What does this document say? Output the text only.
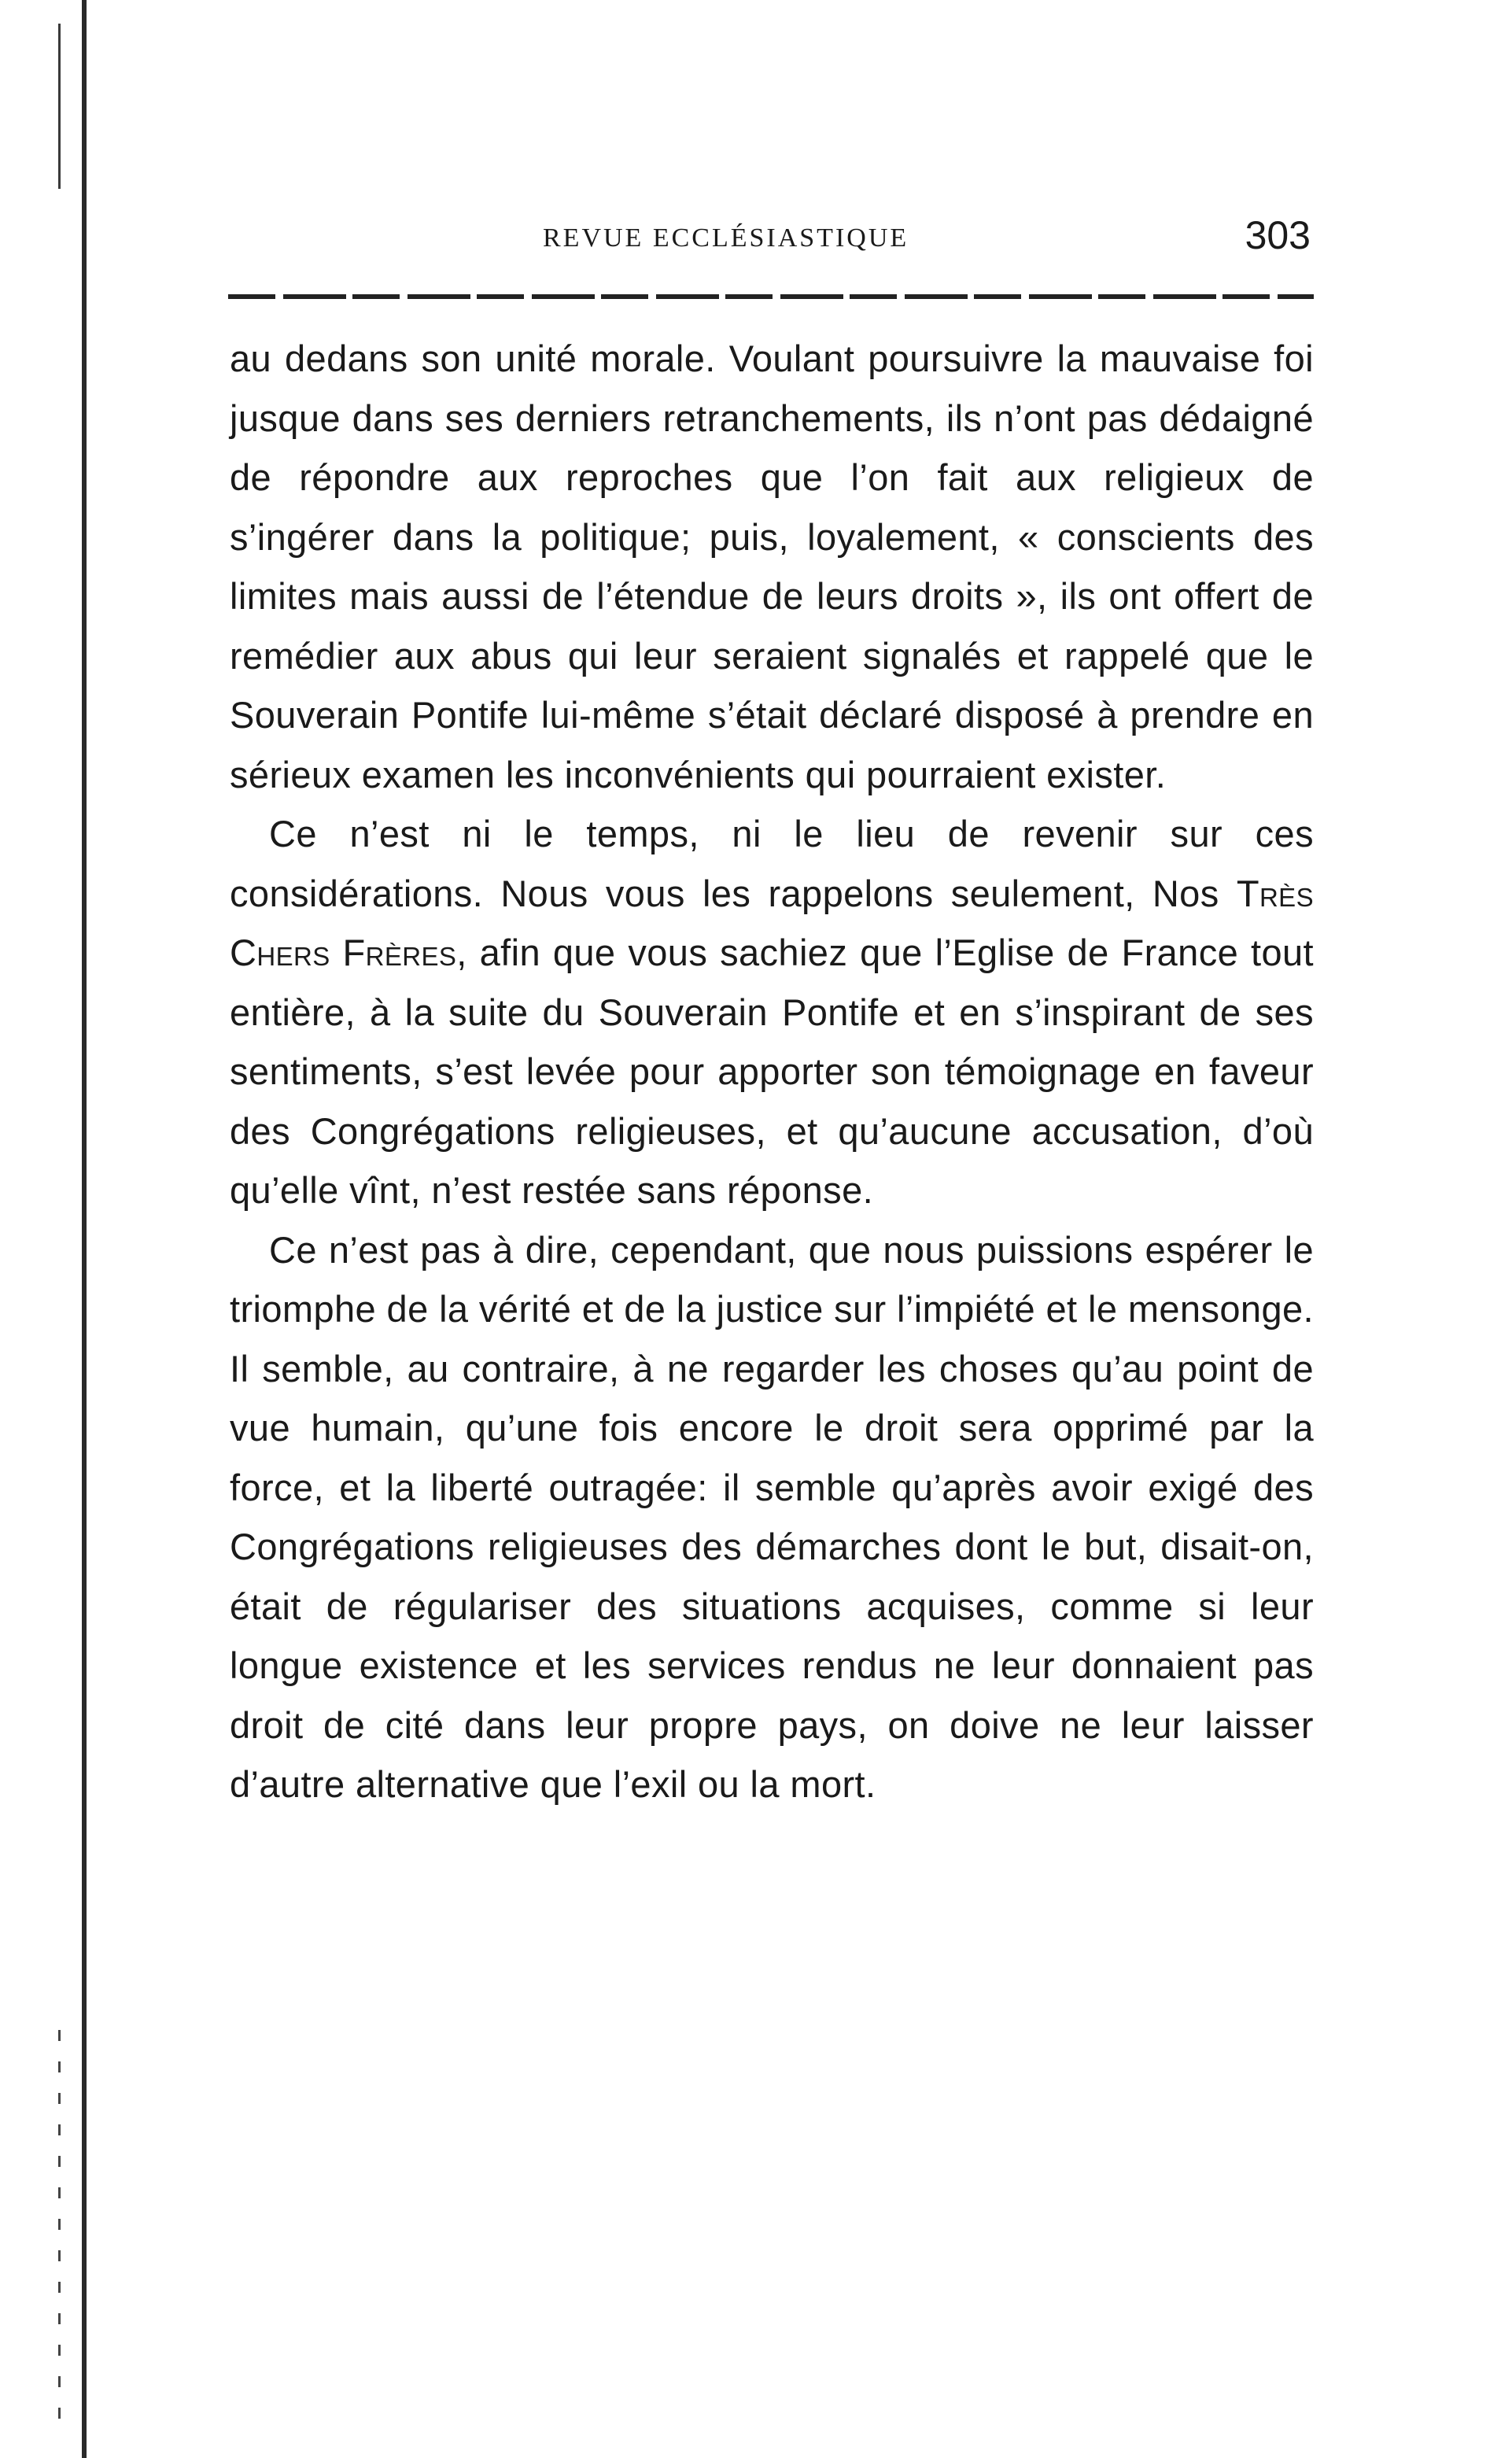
REVUE ECCLÉSIASTIQUE	303

au dedans son unité morale. Voulant poursuivre la mauvaise foi jusque dans ses derniers retranchements, ils n’ont pas dédaigné de répondre aux reproches que l’on fait aux religieux de s’ingérer dans la politique; puis, loyalement, « conscients des limites mais aussi de l’étendue de leurs droits », ils ont offert de remédier aux abus qui leur seraient signalés et rappelé que le Souverain Pontife lui-même s’était déclaré disposé à prendre en sérieux examen les inconvénients qui pourraient exister.

Ce n’est ni le temps, ni le lieu de revenir sur ces considérations. Nous vous les rappelons seulement, Nos Très Chers Frères, afin que vous sachiez que l’Eglise de France tout entière, à la suite du Souverain Pontife et en s’inspirant de ses sentiments, s’est levée pour apporter son témoignage en faveur des Congrégations religieuses, et qu’aucune accusation, d’où qu’elle vînt, n’est restée sans réponse.

Ce n’est pas à dire, cependant, que nous puissions espérer le triomphe de la vérité et de la justice sur l’impiété et le mensonge. Il semble, au contraire, à ne regarder les choses qu’au point de vue humain, qu’une fois encore le droit sera opprimé par la force, et la liberté outragée: il semble qu’après avoir exigé des Congrégations religieuses des démarches dont le but, disait-on, était de régulariser des situations acquises, comme si leur longue existence et les services rendus ne leur donnaient pas droit de cité dans leur propre pays, on doive ne leur laisser d’autre alternative que l’exil ou la mort.
